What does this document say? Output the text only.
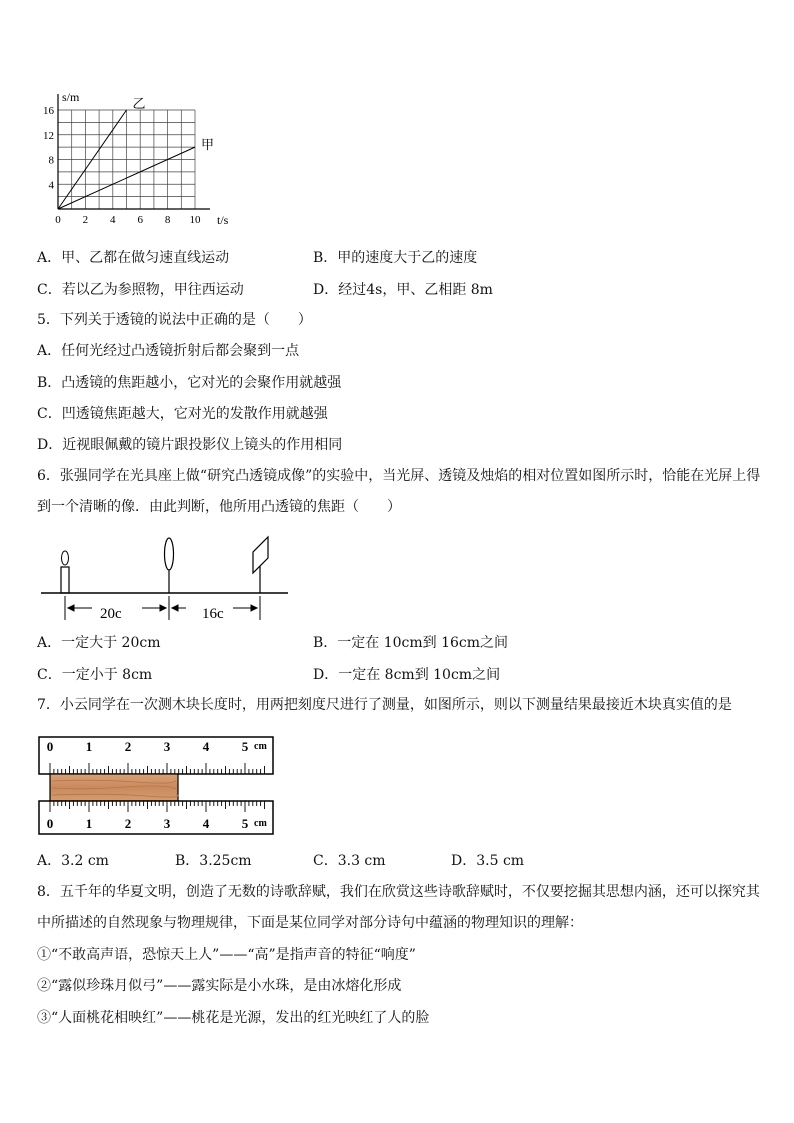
s/m
t/s
4
8
12
16
0 2 4 6 8 10
乙
甲
A．甲、乙都在做匀速直线运动	B．甲的速度大于乙的速度
C．若以乙为参照物，甲往西运动	D．经过4s，甲、乙相距 8m
5．下列关于透镜的说法中正确的是（　　）
A．任何光经过凸透镜折射后都会聚到一点
B．凸透镜的焦距越小，它对光的会聚作用就越强
C．凹透镜焦距越大，它对光的发散作用就越强
D．近视眼佩戴的镜片跟投影仪上镜头的作用相同
6．张强同学在光具座上做“研究凸透镜成像”的实验中，当光屏、透镜及烛焰的相对位置如图所示时，恰能在光屏上得
到一个清晰的像．由此判断，他所用凸透镜的焦距（　　）
20c	16c
A．一定大于 20cm	B．一定在 10cm到 16cm之间
C．一定小于 8cm	D．一定在 8cm到 10cm之间
7．小云同学在一次测木块长度时，用两把刻度尺进行了测量，如图所示，则以下测量结果最接近木块真实值的是
0	1	2	3	4	5 cm
0	1	2	3	4	5 cm
A．3.2 cm	B．3.25cm	C．3.3 cm	D．3.5 cm
8．五千年的华夏文明，创造了无数的诗歌辞赋，我们在欣赏这些诗歌辞赋时，不仅要挖掘其思想内涵，还可以探究其
中所描述的自然现象与物理规律，下面是某位同学对部分诗句中蕴涵的物理知识的理解：
①“不敢高声语，恐惊天上人”——“高”是指声音的特征“响度”
②“露似珍珠月似弓”——露实际是小水珠，是由冰熔化形成
③“人面桃花相映红”——桃花是光源，发出的红光映红了人的脸
